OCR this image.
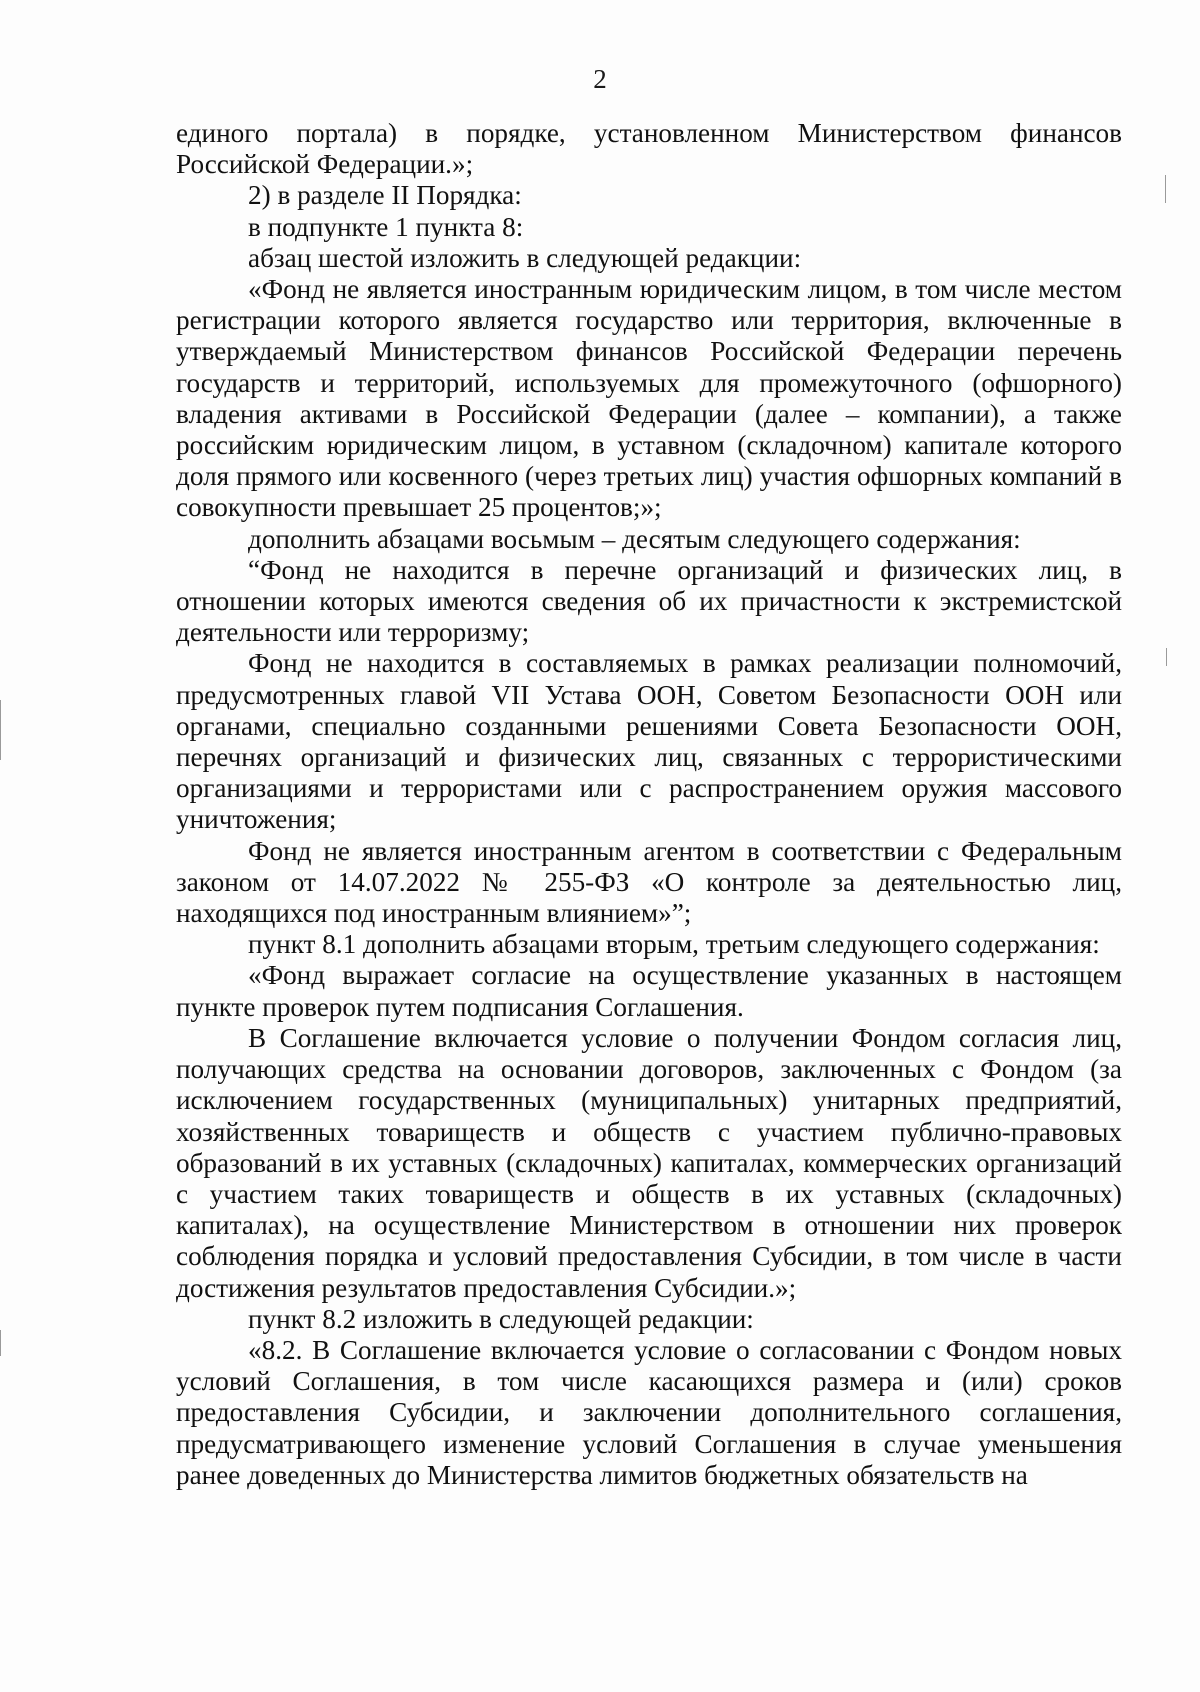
2

единого портала) в порядке, установленном Министерством финансов Российской Федерации.»;

2) в разделе II Порядка:

в подпункте 1 пункта 8:

абзац шестой изложить в следующей редакции:

«Фонд не является иностранным юридическим лицом, в том числе местом регистрации которого является государство или территория, включенные в утверждаемый Министерством финансов Российской Федерации перечень государств и территорий, используемых для промежуточного (офшорного) владения активами в Российской Федерации (далее – компании), а также российским юридическим лицом, в уставном (складочном) капитале которого доля прямого или косвенного (через третьих лиц) участия офшорных компаний в совокупности превышает 25 процентов;»;

дополнить абзацами восьмым – десятым следующего содержания:

“Фонд не находится в перечне организаций и физических лиц, в отношении которых имеются сведения об их причастности к экстремистской деятельности или терроризму;

Фонд не находится в составляемых в рамках реализации полномочий, предусмотренных главой VII Устава ООН, Советом Безопасности ООН или органами, специально созданными решениями Совета Безопасности ООН, перечнях организаций и физических лиц, связанных с террористическими организациями и террористами или с распространением оружия массового уничтожения;

Фонд не является иностранным агентом в соответствии с Федеральным законом от 14.07.2022 № 255-ФЗ «О контроле за деятельностью лиц, находящихся под иностранным влиянием»”;

пункт 8.1 дополнить абзацами вторым, третьим следующего содержания:

«Фонд выражает согласие на осуществление указанных в настоящем пункте проверок путем подписания Соглашения.

В Соглашение включается условие о получении Фондом согласия лиц, получающих средства на основании договоров, заключенных с Фондом (за исключением государственных (муниципальных) унитарных предприятий, хозяйственных товариществ и обществ с участием публично-правовых образований в их уставных (складочных) капиталах, коммерческих организаций с участием таких товариществ и обществ в их уставных (складочных) капиталах), на осуществление Министерством в отношении них проверок соблюдения порядка и условий предоставления Субсидии, в том числе в части достижения результатов предоставления Субсидии.»;

пункт 8.2 изложить в следующей редакции:

«8.2. В Соглашение включается условие о согласовании с Фондом новых условий Соглашения, в том числе касающихся размера и (или) сроков предоставления Субсидии, и заключении дополнительного соглашения, предусматривающего изменение условий Соглашения в случае уменьшения ранее доведенных до Министерства лимитов бюджетных обязательств на
